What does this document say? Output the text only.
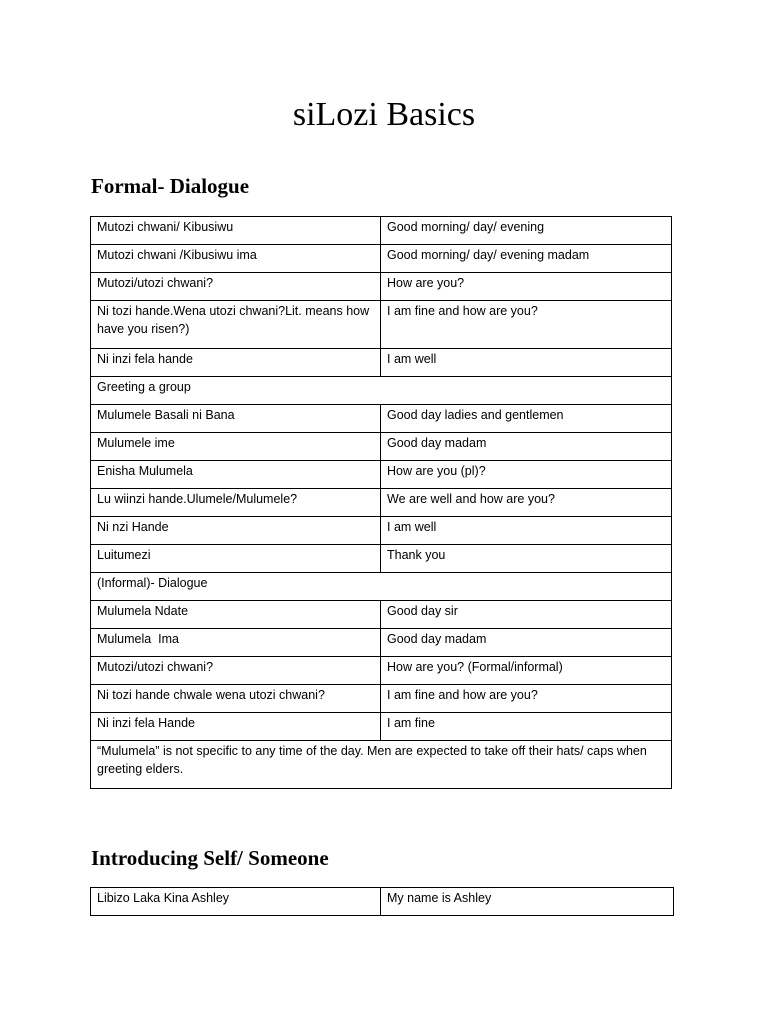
siLozi Basics
Formal- Dialogue
Mutozi chwani/ Kibusiwu	Good morning/ day/ evening
Mutozi chwani /Kibusiwu ima	Good morning/ day/ evening madam
Mutozi/utozi chwani?	How are you?
Ni tozi hande.Wena utozi chwani?Lit. means how have you risen?)	I am fine and how are you?
Ni inzi fela hande	I am well
Greeting a group	
Mulumele Basali ni Bana	Good day ladies and gentlemen
Mulumele ime	Good day madam
Enisha Mulumela	How are you (pl)?
Lu wiinzi hande.Ulumele/Mulumele?	We are well and how are you?
Ni nzi Hande	I am well
Luitumezi	Thank you
(Informal)- Dialogue	
Mulumela Ndate	Good day sir
Mulumela  Ima	Good day madam
Mutozi/utozi chwani?	How are you? (Formal/informal)
Ni tozi hande chwale wena utozi chwani?	I am fine and how are you?
Ni inzi fela Hande	I am fine
“Mulumela” is not specific to any time of the day. Men are expected to take off their hats/ caps when greeting elders.	
Introducing Self/ Someone
Libizo Laka Kina Ashley	My name is Ashley
